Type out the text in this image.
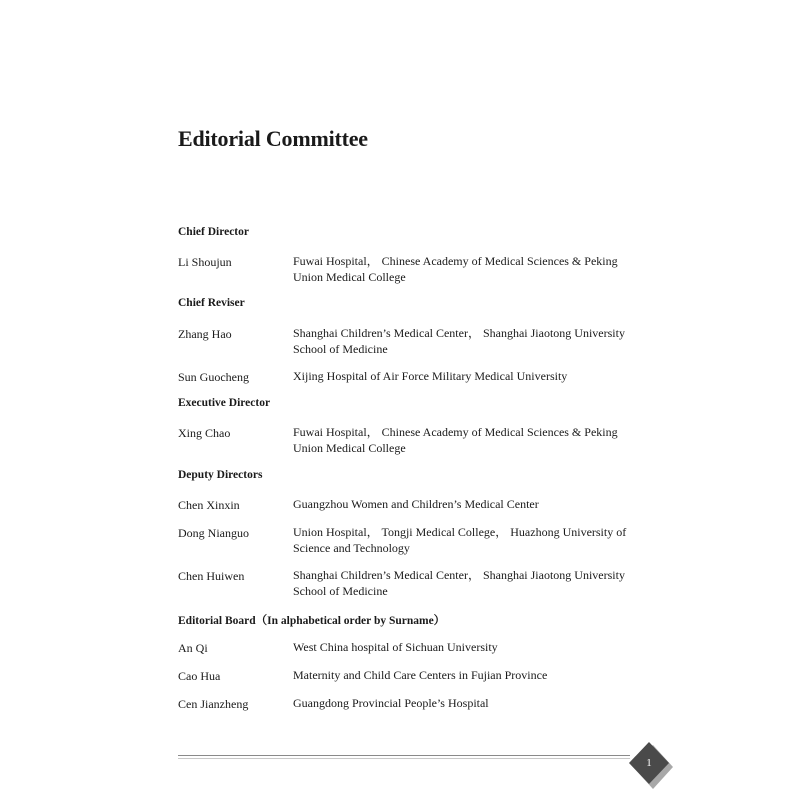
Editorial Committee
Chief Director
Li Shoujun	Fuwai Hospital， Chinese Academy of Medical Sciences & Peking Union Medical College
Chief Reviser
Zhang Hao	Shanghai Children’s Medical Center， Shanghai Jiaotong University School of Medicine
Sun Guocheng	Xijing Hospital of Air Force Military Medical University
Executive Director
Xing Chao	Fuwai Hospital， Chinese Academy of Medical Sciences & Peking Union Medical College
Deputy Directors
Chen Xinxin	Guangzhou Women and Children’s Medical Center
Dong Nianguo	Union Hospital， Tongji Medical College， Huazhong University of Science and Technology
Chen Huiwen	Shanghai Children’s Medical Center， Shanghai Jiaotong University School of Medicine
Editorial Board（In alphabetical order by Surname）
An Qi	West China hospital of Sichuan University
Cao Hua	Maternity and Child Care Centers in Fujian Province
Cen Jianzheng	Guangdong Provincial People’s Hospital
1
